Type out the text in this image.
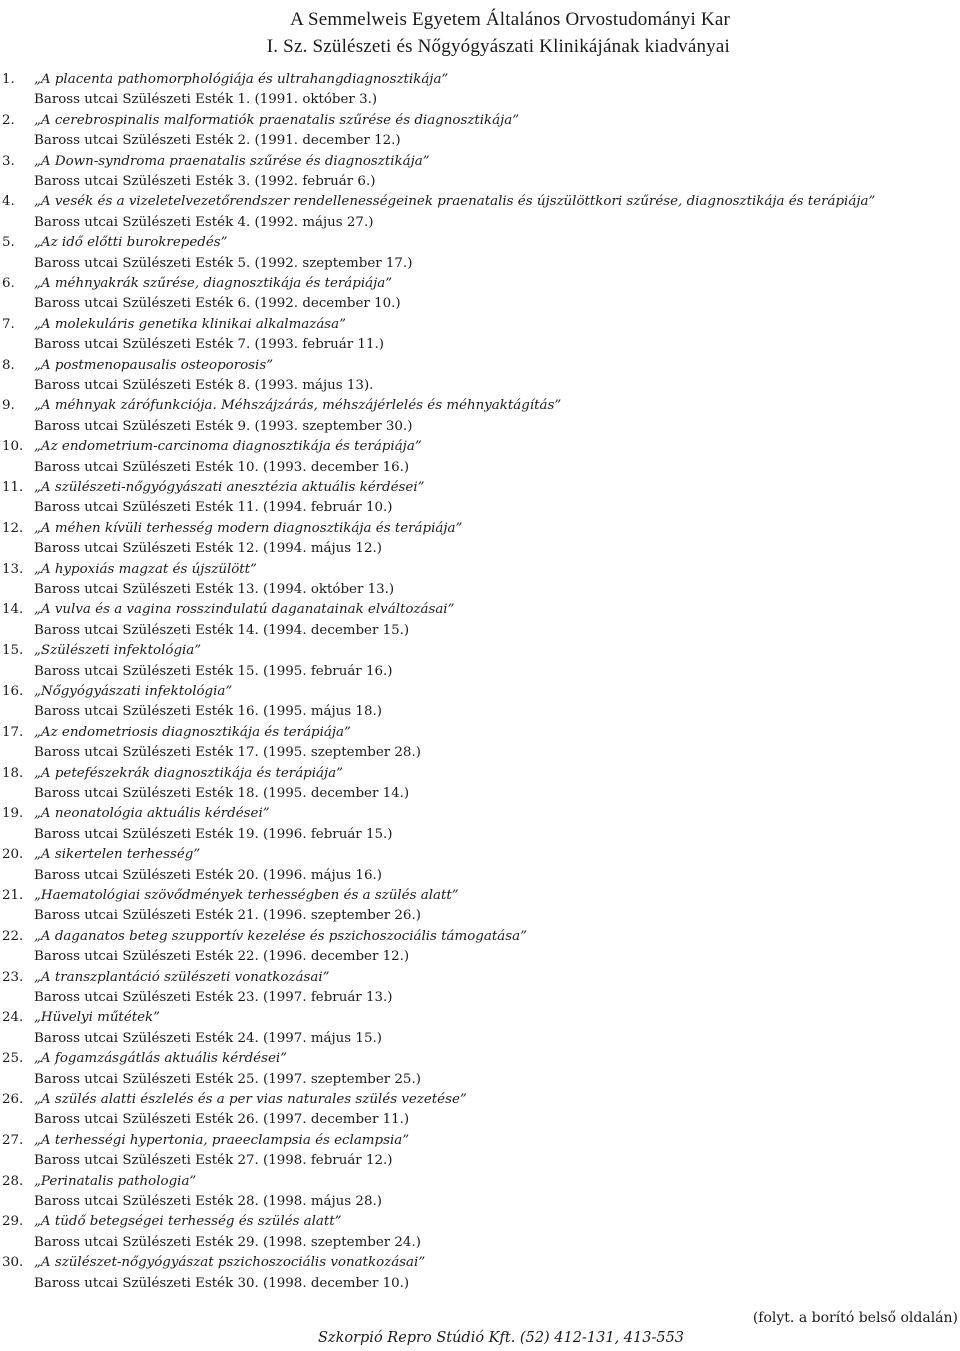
A Semmelweis Egyetem Általános Orvostudományi Kar
I. Sz. Szülészeti és Nőgyógyászati Klinikájának kiadványai
1. „A placenta pathomorphológiája és ultrahangdiagnosztikája”
Baross utcai Szülészeti Esték 1. (1991. október 3.)
2. „A cerebrospinalis malformatiók praenatalis szűrése és diagnosztikája”
Baross utcai Szülészeti Esték 2. (1991. december 12.)
3. „A Down-syndroma praenatalis szűrése és diagnosztikája”
Baross utcai Szülészeti Esték 3. (1992. február 6.)
4. „A vesék és a vizeletelvezetőrendszer rendellenességeinek praenatalis és újszülöttkori szűrése, diagnosztikája és terápiája”
Baross utcai Szülészeti Esték 4. (1992. május 27.)
5. „Az idő előtti burokrepedés”
Baross utcai Szülészeti Esték 5. (1992. szeptember 17.)
6. „A méhnyakrák szűrése, diagnosztikája és terápiája”
Baross utcai Szülészeti Esték 6. (1992. december 10.)
7. „A molekuláris genetika klinikai alkalmazása”
Baross utcai Szülészeti Esték 7. (1993. február 11.)
8. „A postmenopausalis osteoporosis”
Baross utcai Szülészeti Esték 8. (1993. május 13).
9. „A méhnyak zárófunkciója. Méhszájzárás, méhszájérlelés és méhnyaktágítás”
Baross utcai Szülészeti Esték 9. (1993. szeptember 30.)
10. „Az endometrium-carcinoma diagnosztikája és terápiája”
Baross utcai Szülészeti Esték 10. (1993. december 16.)
11. „A szülészeti-nőgyógyászati anesztézia aktuális kérdései”
Baross utcai Szülészeti Esték 11. (1994. február 10.)
12. „A méhen kívüli terhesség modern diagnosztikája és terápiája”
Baross utcai Szülészeti Esték 12. (1994. május 12.)
13. „A hypoxiás magzat és újszülött”
Baross utcai Szülészeti Esték 13. (1994. október 13.)
14. „A vulva és a vagina rosszindulatú daganatainak elváltozásai”
Baross utcai Szülészeti Esték 14. (1994. december 15.)
15. „Szülészeti infektológia”
Baross utcai Szülészeti Esték 15. (1995. február 16.)
16. „Nőgyógyászati infektológia”
Baross utcai Szülészeti Esték 16. (1995. május 18.)
17. „Az endometriosis diagnosztikája és terápiája”
Baross utcai Szülészeti Esték 17. (1995. szeptember 28.)
18. „A petefészekrák diagnosztikája és terápiája”
Baross utcai Szülészeti Esték 18. (1995. december 14.)
19. „A neonatológia aktuális kérdései”
Baross utcai Szülészeti Esték 19. (1996. február 15.)
20. „A sikertelen terhesség”
Baross utcai Szülészeti Esték 20. (1996. május 16.)
21. „Haematológiai szövődmények terhességben és a szülés alatt”
Baross utcai Szülészeti Esték 21. (1996. szeptember 26.)
22. „A daganatos beteg szupportív kezelése és pszichoszociális támogatása”
Baross utcai Szülészeti Esték 22. (1996. december 12.)
23. „A transzplantáció szülészeti vonatkozásai”
Baross utcai Szülészeti Esték 23. (1997. február 13.)
24. „Hüvelyi műtétek”
Baross utcai Szülészeti Esték 24. (1997. május 15.)
25. „A fogamzásgátlás aktuális kérdései”
Baross utcai Szülészeti Esték 25. (1997. szeptember 25.)
26. „A szülés alatti észlelés és a per vias naturales szülés vezetése”
Baross utcai Szülészeti Esték 26. (1997. december 11.)
27. „A terhességi hypertonia, praeeclampsia és eclampsia”
Baross utcai Szülészeti Esték 27. (1998. február 12.)
28. „Perinatalis pathologia”
Baross utcai Szülészeti Esték 28. (1998. május 28.)
29. „A tüdő betegségei terhesség és szülés alatt”
Baross utcai Szülészeti Esték 29. (1998. szeptember 24.)
30. „A szülészet-nőgyógyászat pszichoszociális vonatkozásai”
Baross utcai Szülészeti Esték 30. (1998. december 10.)
(folyt. a borító belső oldalán)
Szkorpió Repro Stúdió Kft. (52) 412-131, 413-553
